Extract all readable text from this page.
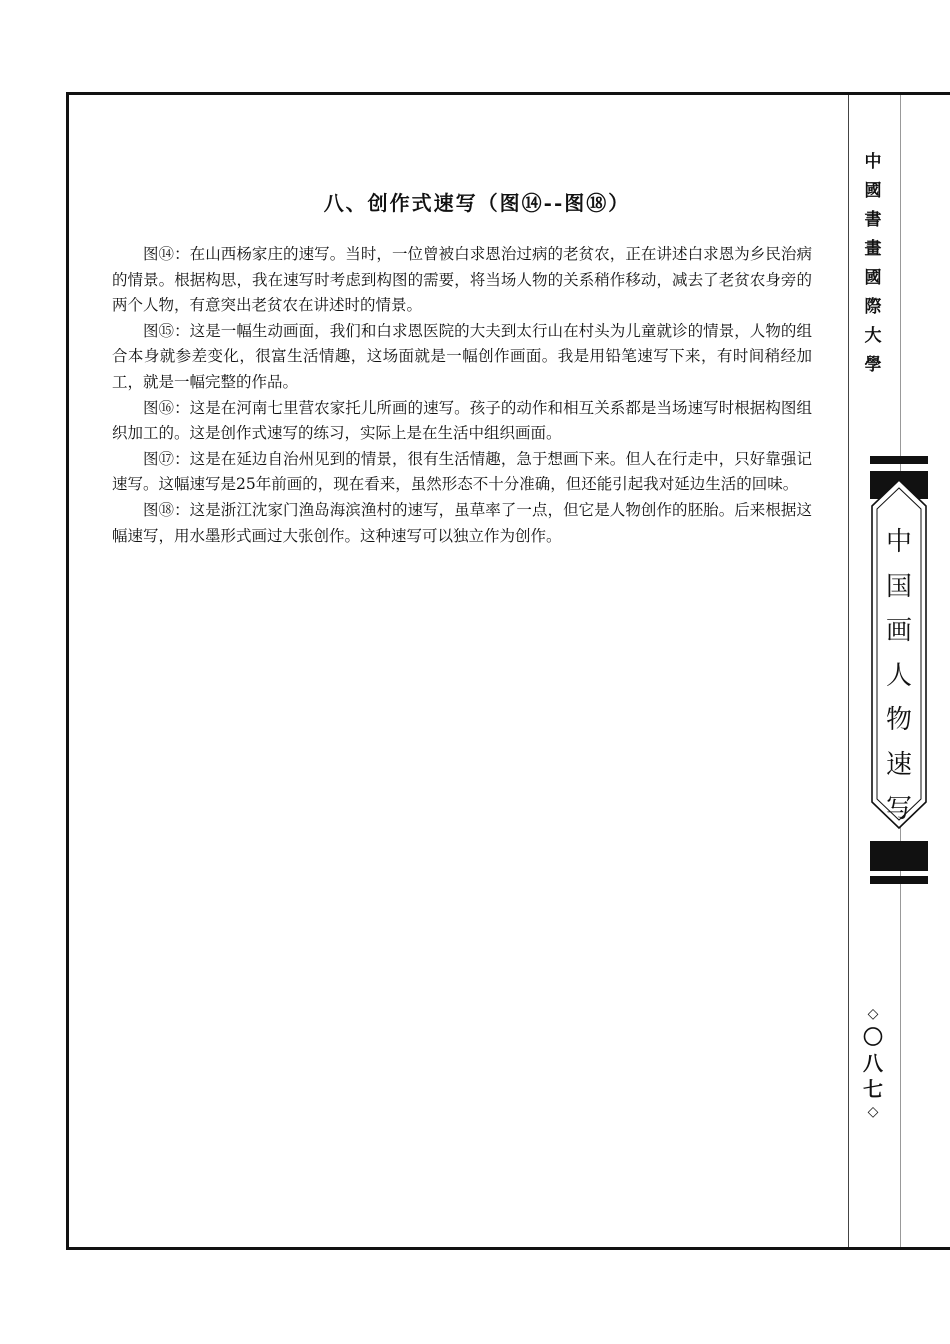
八、创作式速写（图⑭--图⑱）

图⑭：在山西杨家庄的速写。当时，一位曾被白求恩治过病的老贫农，正在讲述白求恩为乡民治病的情景。根据构思，我在速写时考虑到构图的需要，将当场人物的关系稍作移动，减去了老贫农身旁的两个人物，有意突出老贫农在讲述时的情景。

图⑮：这是一幅生动画面，我们和白求恩医院的大夫到太行山在村头为儿童就诊的情景，人物的组合本身就参差变化，很富生活情趣，这场面就是一幅创作画面。我是用铅笔速写下来，有时间稍经加工，就是一幅完整的作品。

图⑯：这是在河南七里营农家托儿所画的速写。孩子的动作和相互关系都是当场速写时根据构图组织加工的。这是创作式速写的练习，实际上是在生活中组织画面。

图⑰：这是在延边自治州见到的情景，很有生活情趣，急于想画下来。但人在行走中，只好靠强记速写。这幅速写是25年前画的，现在看来，虽然形态不十分准确，但还能引起我对延边生活的回味。

图⑱：这是浙江沈家门渔岛海滨渔村的速写，虽草率了一点，但它是人物创作的胚胎。后来根据这幅速写，用水墨形式画过大张创作。这种速写可以独立作为创作。

中
國
書
畫
國
際
大
學
中
国
画
人
物
速
写
◇
〇
八
七
◇
